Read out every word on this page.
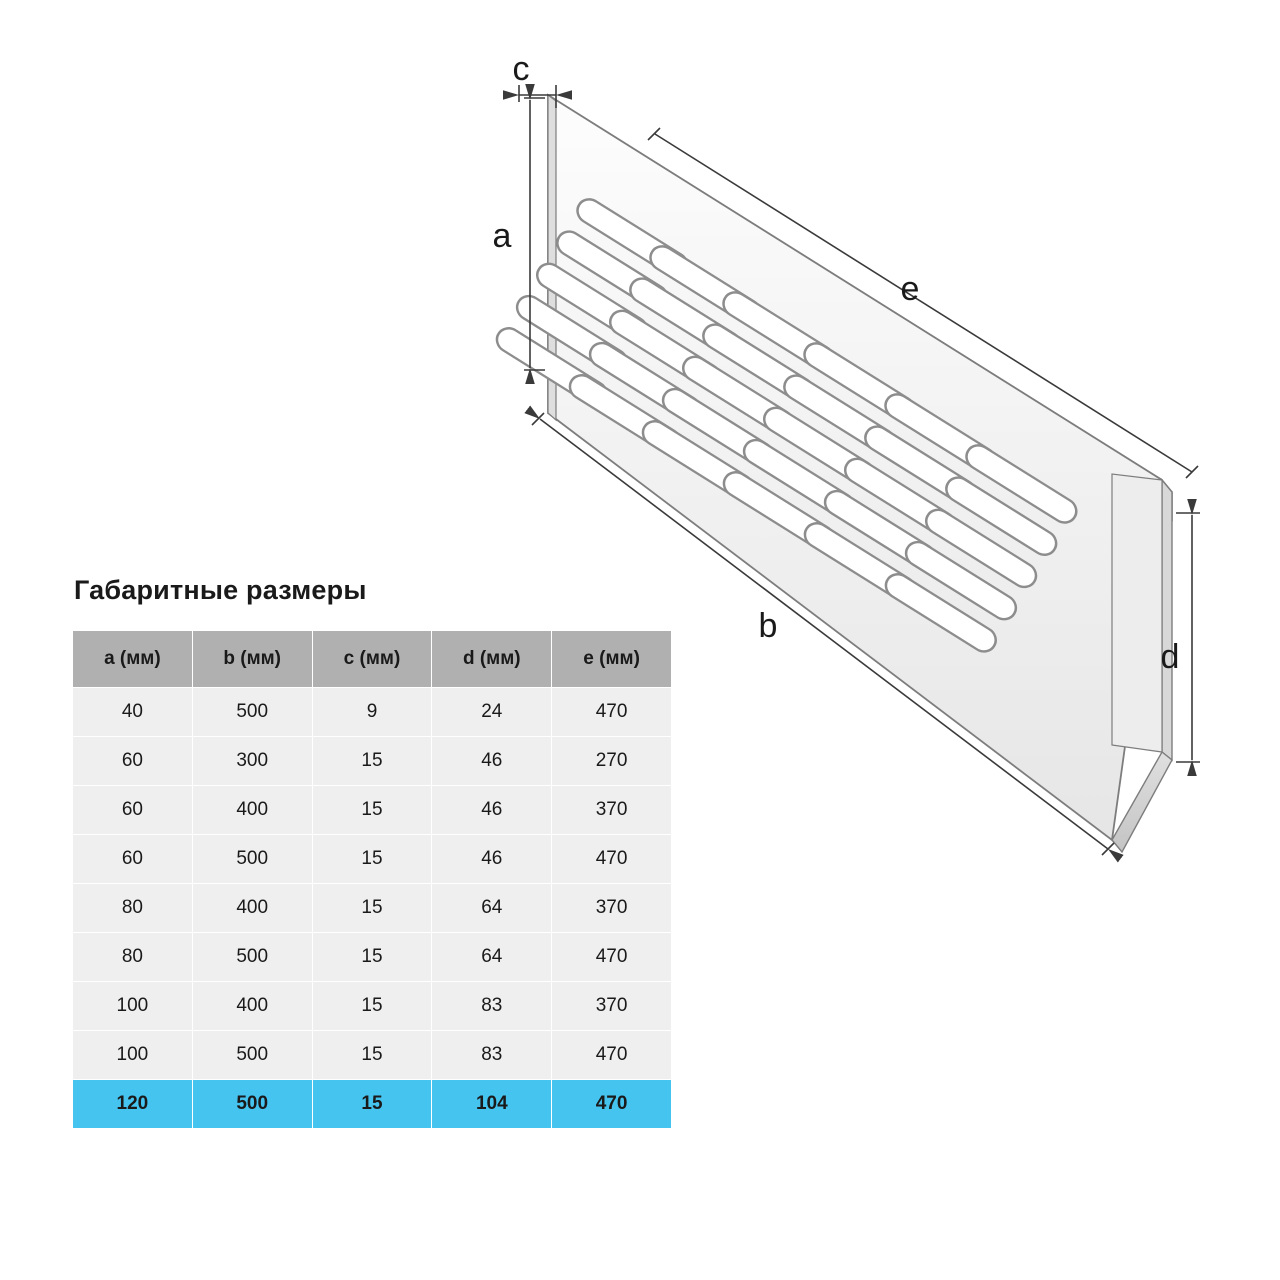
c
a
e
b
d
Габаритные размеры
a (мм)	b (мм)	c (мм)	d (мм)	e (мм)
40	500	9	24	470
60	300	15	46	270
60	400	15	46	370
60	500	15	46	470
80	400	15	64	370
80	500	15	64	470
100	400	15	83	370
100	500	15	83	470
120	500	15	104	470
